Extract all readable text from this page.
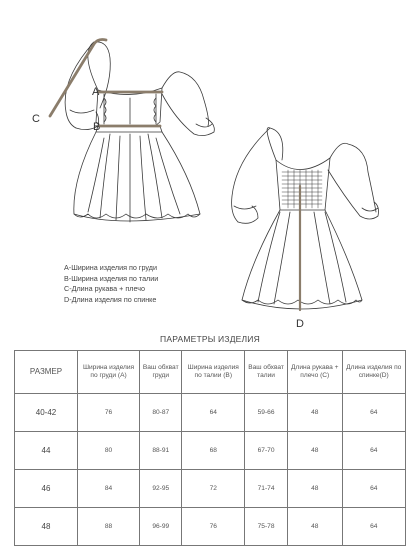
A
B
C
D
A-Ширина изделия по груди
B-Ширина изделия по талии
C-Длина рукава + плечо
D-Длина изделия по спинке
ПАРАМЕТРЫ ИЗДЕЛИЯ
РАЗМЕР	Ширина изделия по груди (А)	Ваш обхват груди	Ширина изделия по талии (В)	Ваш обхват талии	Длина рукава + плечо (С)	Длина изделия по спинке(D)
40-42	76	80-87	64	59-66	48	64
44	80	88-91	68	67-70	48	64
46	84	92-95	72	71-74	48	64
48	88	96-99	76	75-78	48	64
